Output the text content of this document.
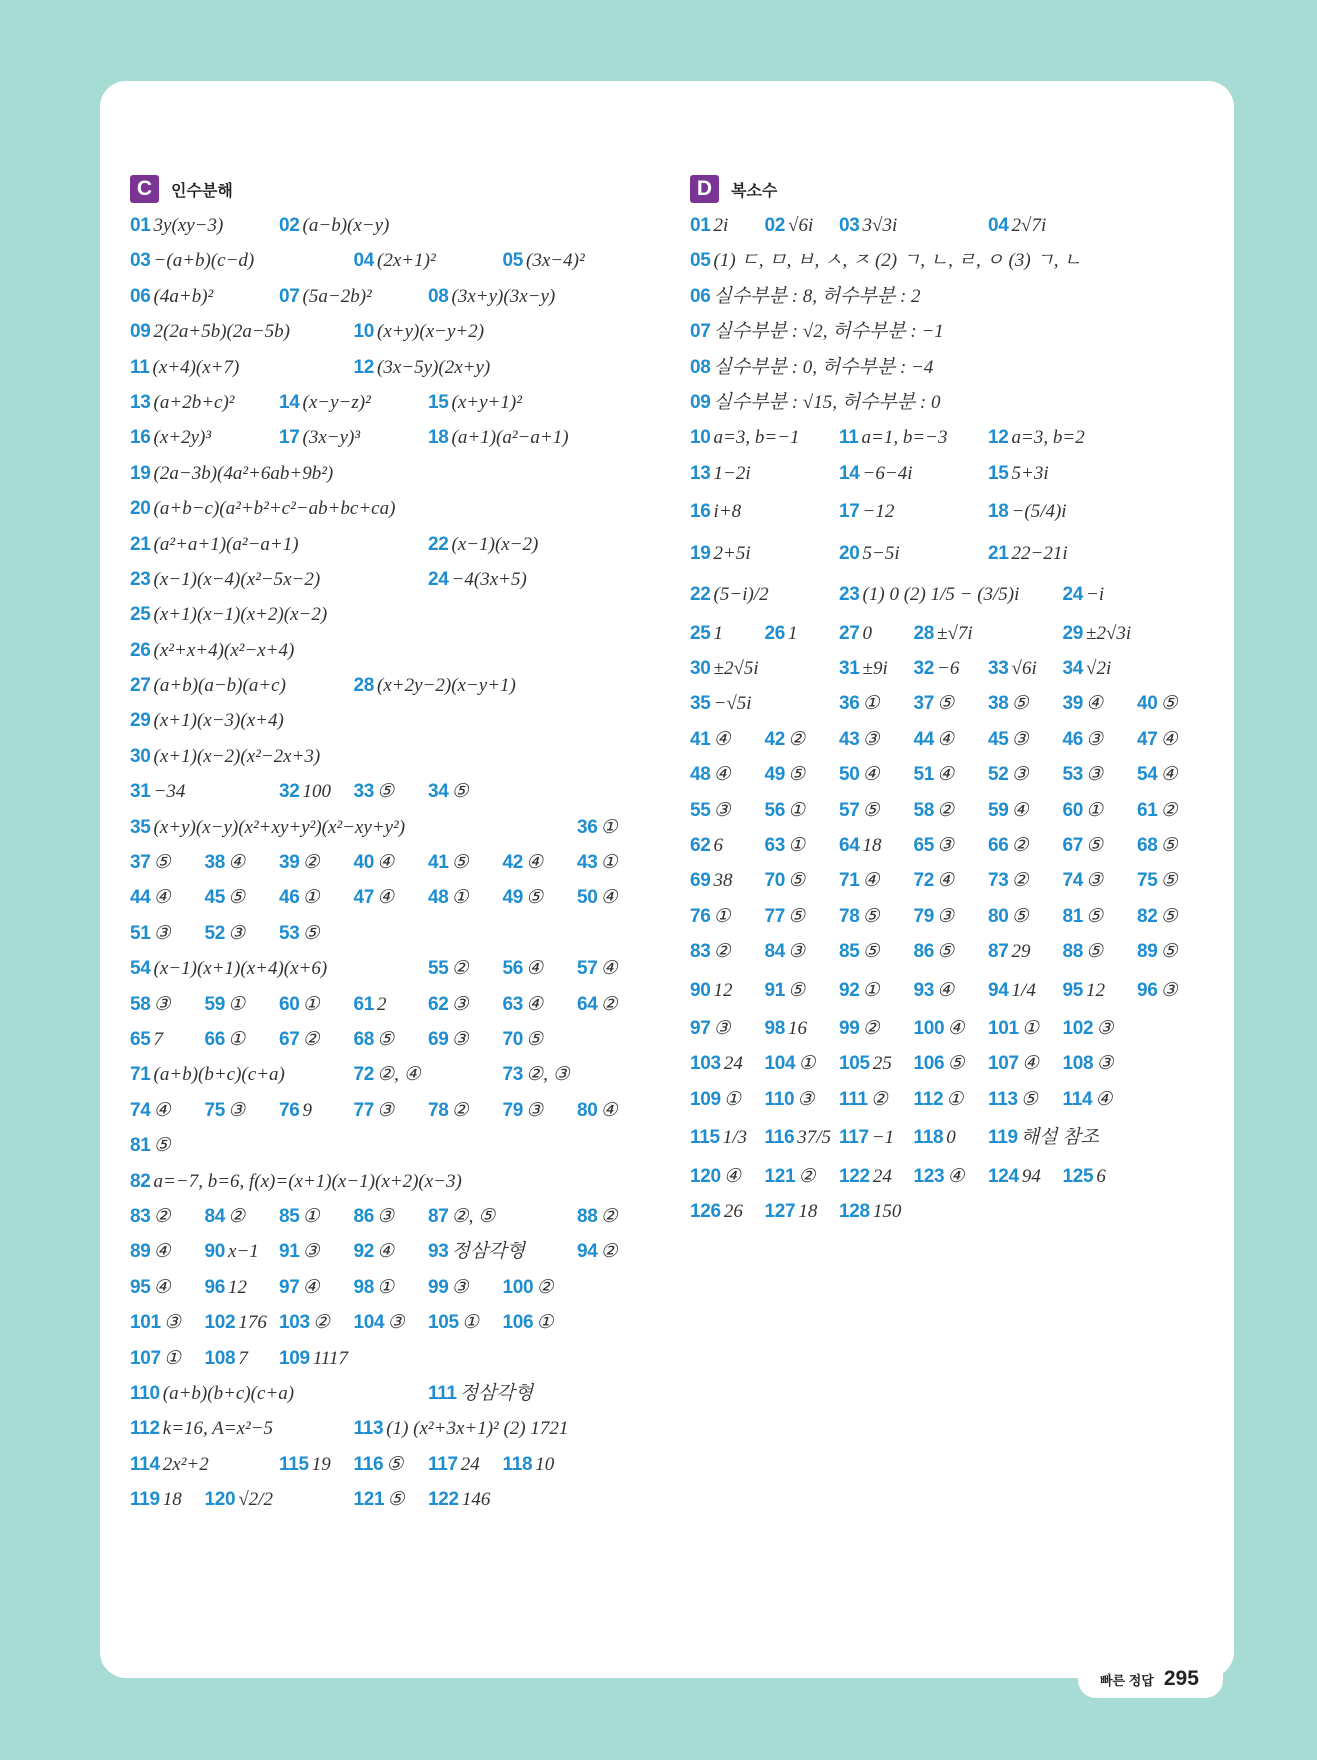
C	인수분해
01 3y(xy−3)	02 (a−b)(x−y)
03 −(a+b)(c−d)	04 (2x+1)²	05 (3x−4)²
06 (4a+b)²	07 (5a−2b)²	08 (3x+y)(3x−y)
09 2(2a+5b)(2a−5b)	10 (x+y)(x−y+2)
11 (x+4)(x+7)	12 (3x−5y)(2x+y)
13 (a+2b+c)² 14 (x−y−z)²	15 (x+y+1)²
16 (x+2y)³	17 (3x−y)³	18 (a+1)(a²−a+1)
19 (2a−3b)(4a²+6ab+9b²)
20 (a+b−c)(a²+b²+c²−ab+bc+ca)
21 (a²+a+1)(a²−a+1)	22 (x−1)(x−2)
23 (x−1)(x−4)(x²−5x−2)	24 −4(3x+5)
25 (x+1)(x−1)(x+2)(x−2)
26 (x²+x+4)(x²−x+4)
27 (a+b)(a−b)(a+c)	28 (x+2y−2)(x−y+1)
29 (x+1)(x−3)(x+4)
30 (x+1)(x−2)(x²−2x+3)
31 −34	32 100 33 ⑤ 34 ⑤
35 (x+y)(x−y)(x²+xy+y²)(x²−xy+y²)	36 ①
37 ⑤ 38 ④ 39 ② 40 ④ 41 ⑤ 42 ④ 43 ①
44 ④ 45 ⑤ 46 ① 47 ④ 48 ① 49 ⑤ 50 ④
51 ③ 52 ③ 53 ⑤
54 (x−1)(x+1)(x+4)(x+6)	55 ② 56 ④ 57 ④
58 ③ 59 ① 60 ① 61 2 62 ③ 63 ④ 64 ②
65 7 66 ① 67 ② 68 ⑤ 69 ③ 70 ⑤
71 (a+b)(b+c)(c+a)	72 ②, ④	73 ②, ③
74 ④ 75 ③ 76 9 77 ③ 78 ② 79 ③ 80 ④
81 ⑤
82 a=−7, b=6, f(x)=(x+1)(x−1)(x+2)(x−3)
83 ② 84 ② 85 ① 86 ③ 87 ②, ⑤	88 ②
89 ④ 90 x−1 91 ③ 92 ④ 93 정삼각형	94 ②
95 ④ 96 12 97 ④ 98 ① 99 ③ 100 ②
101 ③ 102 176 103 ② 104 ③ 105 ① 106 ①
107 ① 108 7 109 1117
110 (a+b)(b+c)(c+a)	111 정삼각형
112 k=16, A=x²−5	113 (1) (x²+3x+1)² (2) 1721
114 2x²+2	115 19 116 ⑤ 117 24 118 10
119 18 120 √2/2	121 ⑤ 122 146
D	복소수
01 2i 02 √6i 03 3√3i	04 2√7i
05 (1) ㄷ, ㅁ, ㅂ, ㅅ, ㅈ (2) ㄱ, ㄴ, ㄹ, ㅇ (3) ㄱ, ㄴ
06 실수부분 : 8, 허수부분 : 2
07 실수부분 : √2, 허수부분 : −1
08 실수부분 : 0, 허수부분 : −4
09 실수부분 : √15, 허수부분 : 0
10 a=3, b=−1 11 a=1, b=−3 12 a=3, b=2
13 1−2i	14 −6−4i	15 5+3i
16 i+8	17 −12	18 −(5/4)i
19 2+5i	20 5−5i	21 22−21i
22 (5−i)/2	23 (1) 0 (2) 1/5 − (3/5)i 24 −i
25 1 26 1 27 0 28 ±√7i	29 ±2√3i
30 ±2√5i	31 ±9i 32 −6 33 √6i 34 √2i
35 −√5i	36 ① 37 ⑤ 38 ⑤ 39 ④ 40 ⑤
41 ④ 42 ② 43 ③ 44 ④ 45 ③ 46 ③ 47 ④
48 ④ 49 ⑤ 50 ④ 51 ④ 52 ③ 53 ③ 54 ④
55 ③ 56 ① 57 ⑤ 58 ② 59 ④ 60 ① 61 ②
62 6 63 ① 64 18 65 ③ 66 ② 67 ⑤ 68 ⑤
69 38 70 ⑤ 71 ④ 72 ④ 73 ② 74 ③ 75 ⑤
76 ① 77 ⑤ 78 ⑤ 79 ③ 80 ⑤ 81 ⑤ 82 ⑤
83 ② 84 ③ 85 ⑤ 86 ⑤ 87 29 88 ⑤ 89 ⑤
90 12 91 ⑤ 92 ① 93 ④ 94 1/4 95 12 96 ③
97 ③ 98 16 99 ② 100 ④ 101 ① 102 ③
103 24 104 ① 105 25 106 ⑤ 107 ④ 108 ③
109 ① 110 ③ 111 ② 112 ① 113 ⑤ 114 ④
115 1/3 116 37/5 117 −1 118 0 119 해설 참조
120 ④ 121 ② 122 24 123 ④ 124 94 125 6
126 26 127 18 128 150
빠른 정답 295
